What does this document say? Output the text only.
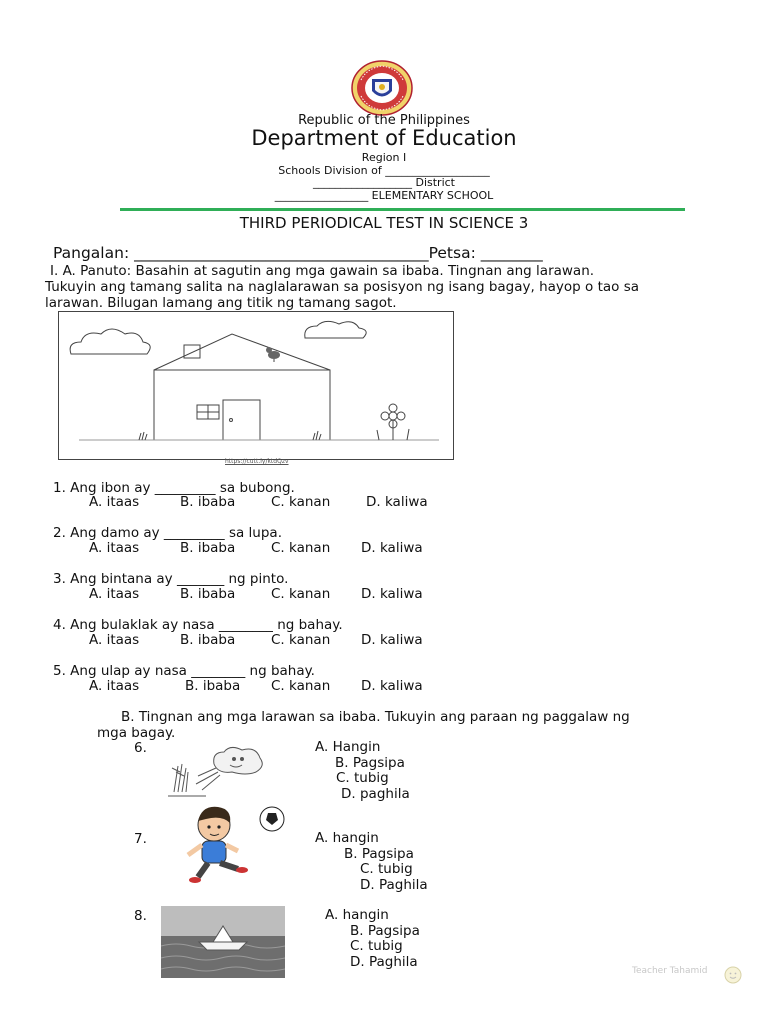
Republic of the Philippines
Department of Education
Region I
Schools Division of ___________________
__________________ District
_________________ ELEMENTARY SCHOOL
THIRD PERIODICAL TEST IN SCIENCE 3
Pangalan: ______________________________________Petsa: ________

I. A. Panuto: Basahin at sagutin ang mga gawain sa ibaba. Tingnan ang larawan.

Tukuyin ang tamang salita na naglalarawan sa posisyon ng isang bagay, hayop o tao sa

larawan. Bilugan lamang ang titik ng tamang sagot.

https://cutt.ly/ktdQzv
1. Ang ibon ay _________ sa bubong.
A. itaas	B. ibaba	C. kanan	D. kaliwa
2. Ang damo ay _________ sa lupa.
A. itaas	B. ibaba	C. kanan D. kaliwa
3. Ang bintana ay _______ ng pinto.
A. itaas	B. ibaba	C. kanan D. kaliwa
4. Ang bulaklak ay nasa ________ ng bahay.
A. itaas	B. ibaba	C. kanan D. kaliwa
5. Ang ulap ay nasa ________ ng bahay.
A. itaas	B. ibaba C. kanan D. kaliwa

B. Tingnan ang mga larawan sa ibaba. Tukuyin ang paraan ng paggalaw ng

mga bagay.

6.	A. Hangin
B. Pagsipa
C. tubig
D. paghila
7.	A. hangin
B. Pagsipa
C. tubig
D. Paghila
8.	A. hangin
B. Pagsipa
C. tubig
D. Paghila
Teacher Tahamid
